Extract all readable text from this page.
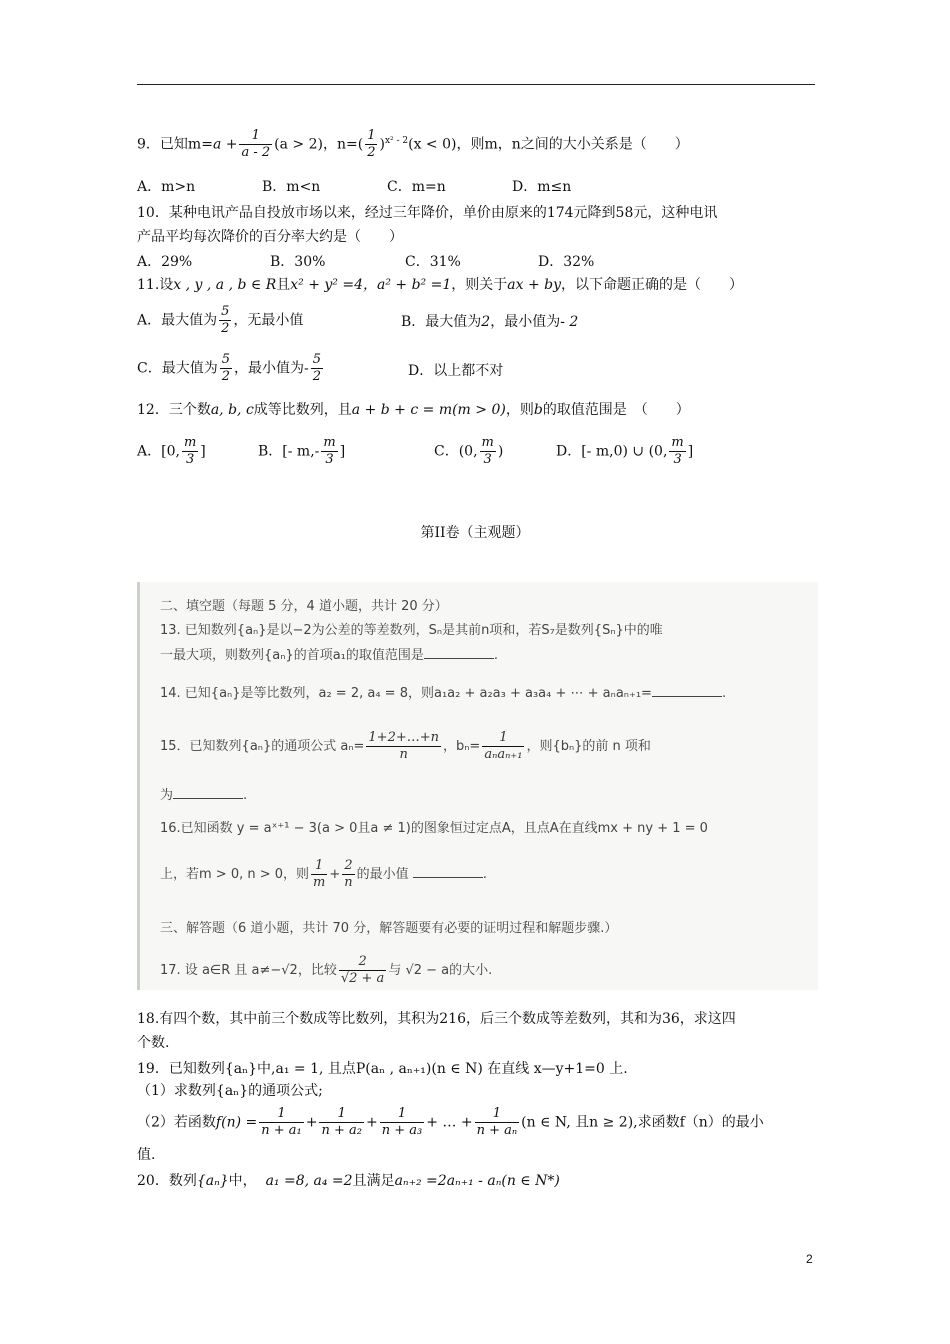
9．已知$m=a + \frac{1}{a - 2} (a > 2)$，$n=( \frac{1}{2} )^{x^2 - 2}(x < 0)$，则m，n之间的大小关系是（　　）
A．m>n	B．m<n	C．m=n	D．m≤n
10．某种电讯产品自投放市场以来，经过三年降价，单价由原来的174元降到58元，这种电讯
产品平均每次降价的百分率大约是（　　）
A．29%	B．30%	C．31%	D．32%
11.设x , y , a , b ∈ R且x² + y² =4，a² + b² =1，则关于ax + by，以下命题正确的是（　　）
A．最大值为 $\frac{5}{2}$ ，无最小值	B．最大值为2，最小值为- 2
C．最大值为 $\frac{5}{2}$ ，最小值为- $\frac{5}{2}$	D．以上都不对
12．三个数a, b, c成等比数列，且a + b + c = m(m > 0)，则b的取值范围是　（　　）
A．[0, $\frac{m}{3}$ ]	B．[- $m,- \frac{m}{3}$ ]	C．(0, $\frac{m}{3}$ )	D．[- m,0) ∪ (0, $\frac{m}{3}$ ]
第II卷（主观题）
二、填空题（每题 5 分，4 道小题，共计 20 分）
13. 已知数列{aₙ}是以−2为公差的等差数列，Sₙ是其前n项和，若S₇是数列{Sₙ}中的唯
一最大项，则数列{aₙ}的首项a₁的取值范围是	.
14. 已知{aₙ}是等比数列，a₂ = 2, a₄ = 8，则a₁a₂ + a₂a₃ + a₃a₄ + ⋯ + aₙaₙ₊₁=	.
15．已知数列{aₙ}的通项公式 $a_n= \frac{1+2+\dots+n}{n}$ ，$b_n= \frac{1}{\text{aₙaₙ₊₁}}$ ，则{bₙ}的前 n 项和
为	.
16.已知函数 y = aˣ⁺¹ − 3(a > 0且a ≠ 1)的图象恒过定点A，且点A在直线mx + ny + 1 = 0
上，若m > 0, n > 0，则 $\frac{1}{m} + \frac{2}{n}$ 的最小值	.
三、解答题（6 道小题，共计 70 分，解答题要有必要的证明过程和解题步骤.）
17. 设 a∈R 且 a≠−√2，比较 $\frac{2}{√2 + a}$ 与 √2 − a的大小.
18.有四个数，其中前三个数成等比数列，其积为216，后三个数成等差数列，其和为36，求这四
个数.
19．已知数列{aₙ}中,a₁ = 1, 且点P(aₙ , aₙ₊₁)(n ∈ N) 在直线 x—y+1=0 上.
（1）求数列{aₙ}的通项公式;
（2）若函数$f(n) = \frac{1}{\text{n + a₁}} + \frac{1}{\text{n + a₂}} + \frac{1}{\text{n + a₃}}$ + … + $\frac{1}{\text{n + aₙ}} (n$ ∈ N, 且n ≥ 2),求函数f（n）的最小
值.
20．数列{aₙ}中， a₁ =8, a₄ =2且满足aₙ₊₂ =2aₙ₊₁ - aₙ(n ∈ N*)
2
